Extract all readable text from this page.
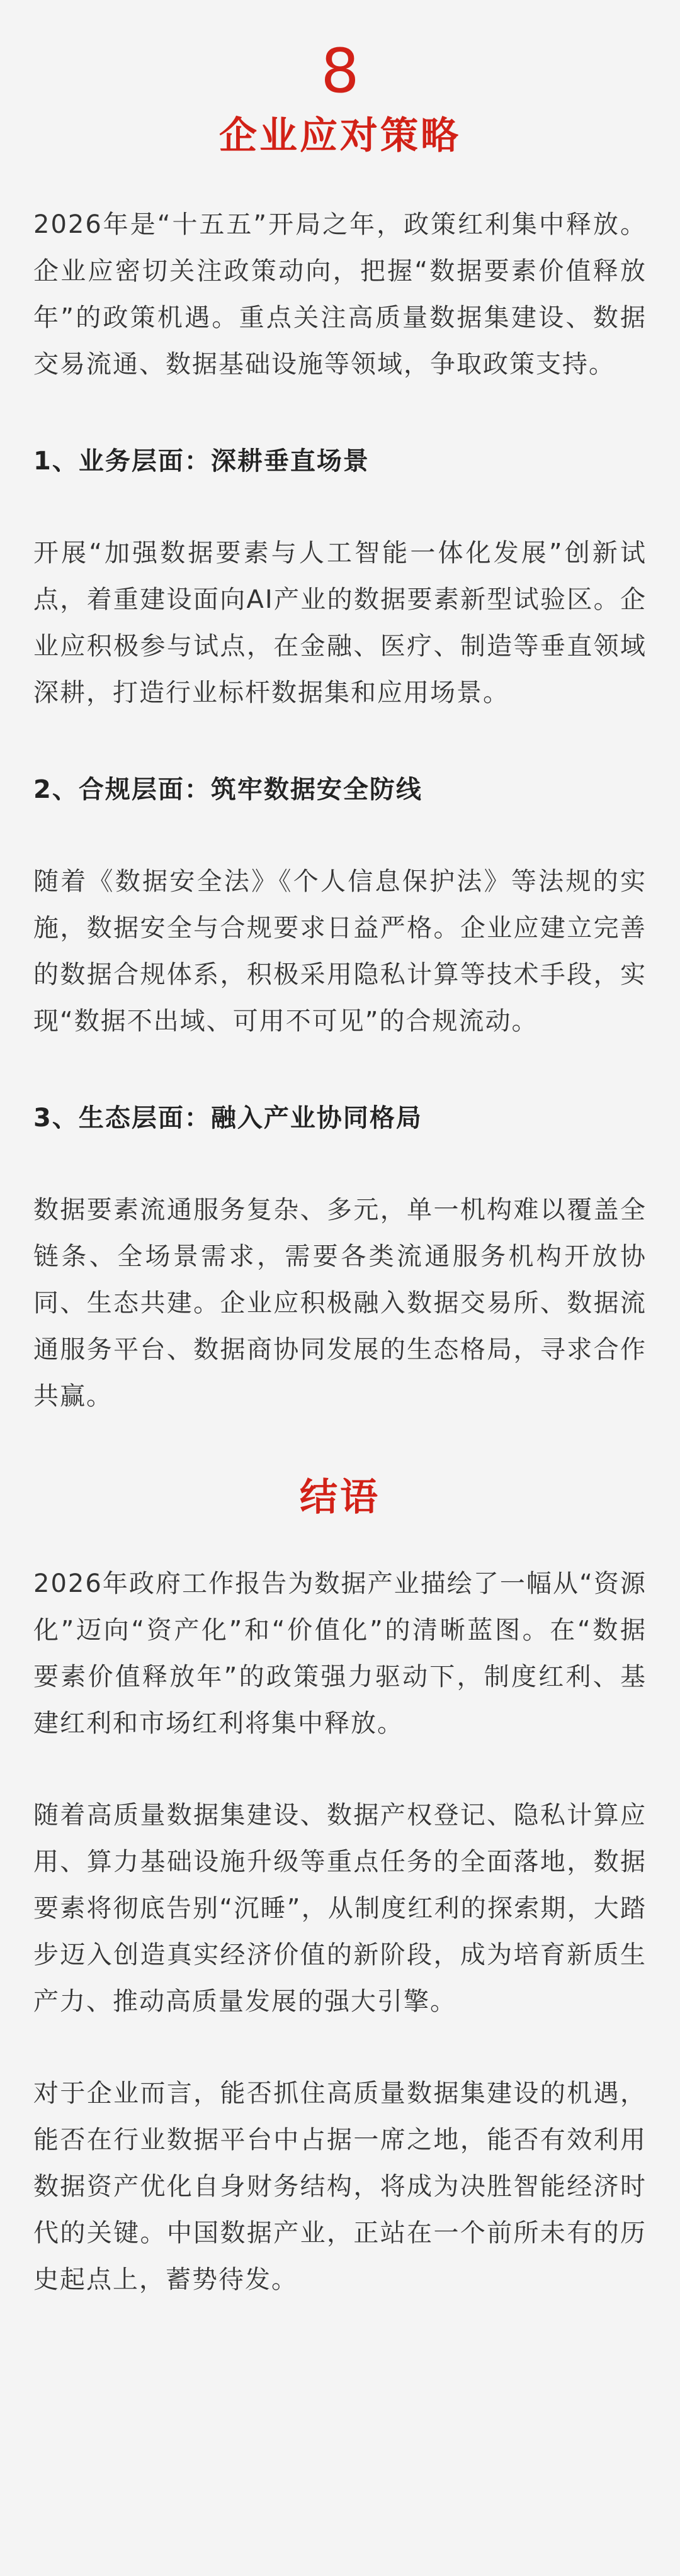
8
企业应对策略

2026年是“十五五”开局之年，政策红利集中释放。企业应密切关注政策动向，把握“数据要素价值释放年”的政策机遇。重点关注高质量数据集建设、数据交易流通、数据基础设施等领域，争取政策支持。

1、业务层面：深耕垂直场景

开展“加强数据要素与人工智能一体化发展”创新试点，着重建设面向AI产业的数据要素新型试验区。企业应积极参与试点，在金融、医疗、制造等垂直领域深耕，打造行业标杆数据集和应用场景。

2、合规层面：筑牢数据安全防线

随着《数据安全法》《个人信息保护法》等法规的实施，数据安全与合规要求日益严格。企业应建立完善的数据合规体系，积极采用隐私计算等技术手段，实现“数据不出域、可用不可见”的合规流动。

3、生态层面：融入产业协同格局

数据要素流通服务复杂、多元，单一机构难以覆盖全链条、全场景需求，需要各类流通服务机构开放协同、生态共建。企业应积极融入数据交易所、数据流通服务平台、数据商协同发展的生态格局，寻求合作共赢。

结语

2026年政府工作报告为数据产业描绘了一幅从“资源化”迈向“资产化”和“价值化”的清晰蓝图。在“数据要素价值释放年”的政策强力驱动下，制度红利、基建红利和市场红利将集中释放。

随着高质量数据集建设、数据产权登记、隐私计算应用、算力基础设施升级等重点任务的全面落地，数据要素将彻底告别“沉睡”，从制度红利的探索期，大踏步迈入创造真实经济价值的新阶段，成为培育新质生产力、推动高质量发展的强大引擎。

对于企业而言，能否抓住高质量数据集建设的机遇，能否在行业数据平台中占据一席之地，能否有效利用数据资产优化自身财务结构，将成为决胜智能经济时代的关键。中国数据产业，正站在一个前所未有的历史起点上，蓄势待发。
